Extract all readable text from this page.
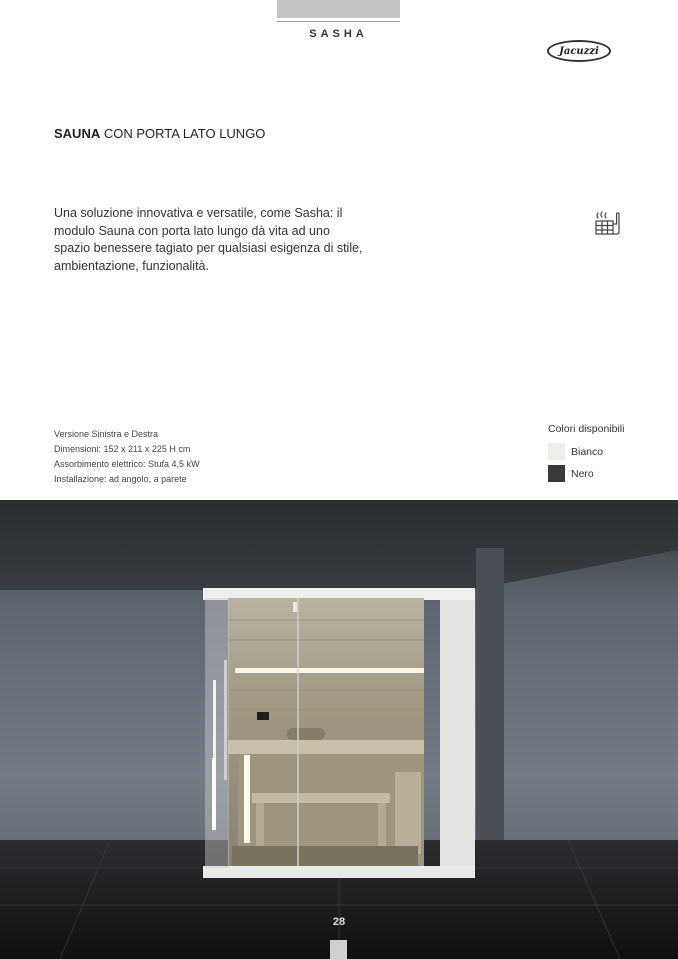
SASHA
Jacuzzi
SAUNA CON PORTA LATO LUNGO

Una soluzione innovativa e versatile, come Sasha: il modulo Sauna con porta lato lungo dà vita ad uno spazio benessere tagiato per qualsiasi esigenza di stile, ambientazione, funzionalità.

Versione Sinistra e Destra
Dimensioni: 152 x 211 x 225 H cm
Assorbimento elettrico: Stufa 4,5 kW
Installazione: ad angolo, a parete
Colori disponibili
Bianco
Nero
28
